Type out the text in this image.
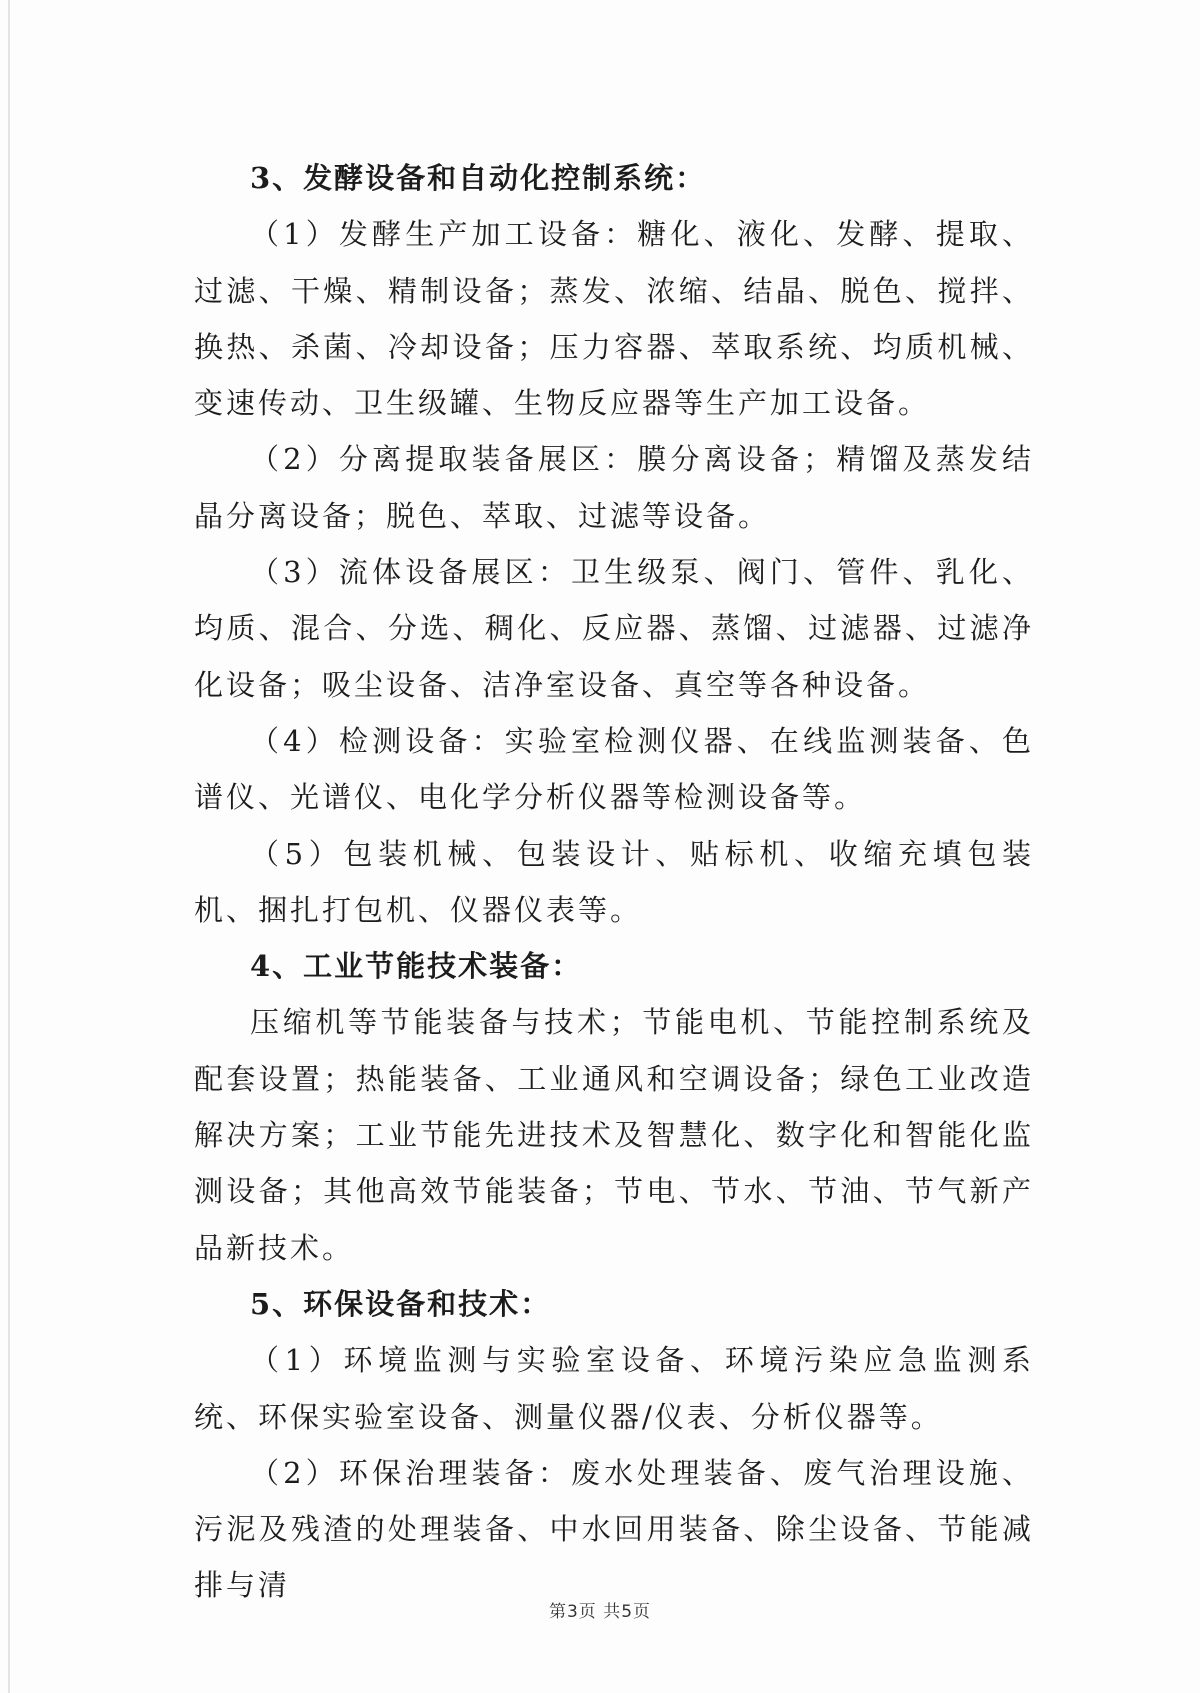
3、发酵设备和自动化控制系统：

（1）发酵生产加工设备：糖化、液化、发酵、提取、过滤、干燥、精制设备；蒸发、浓缩、结晶、脱色、搅拌、换热、杀菌、冷却设备；压力容器、萃取系统、均质机械、变速传动、卫生级罐、生物反应器等生产加工设备。

（2）分离提取装备展区：膜分离设备；精馏及蒸发结晶分离设备；脱色、萃取、过滤等设备。

（3）流体设备展区：卫生级泵、阀门、管件、乳化、均质、混合、分选、稠化、反应器、蒸馏、过滤器、过滤净化设备；吸尘设备、洁净室设备、真空等各种设备。

（4）检测设备：实验室检测仪器、在线监测装备、色谱仪、光谱仪、电化学分析仪器等检测设备等。

（5）包装机械、包装设计、贴标机、收缩充填包装机、捆扎打包机、仪器仪表等。

4、工业节能技术装备：

压缩机等节能装备与技术；节能电机、节能控制系统及配套设置；热能装备、工业通风和空调设备；绿色工业改造解决方案；工业节能先进技术及智慧化、数字化和智能化监测设备；其他高效节能装备；节电、节水、节油、节气新产品新技术。

5、环保设备和技术：

（1）环境监测与实验室设备、环境污染应急监测系统、环保实验室设备、测量仪器/仪表、分析仪器等。

（2）环保治理装备：废水处理装备、废气治理设施、污泥及残渣的处理装备、中水回用装备、除尘设备、节能减排与清

第3页 共5页
